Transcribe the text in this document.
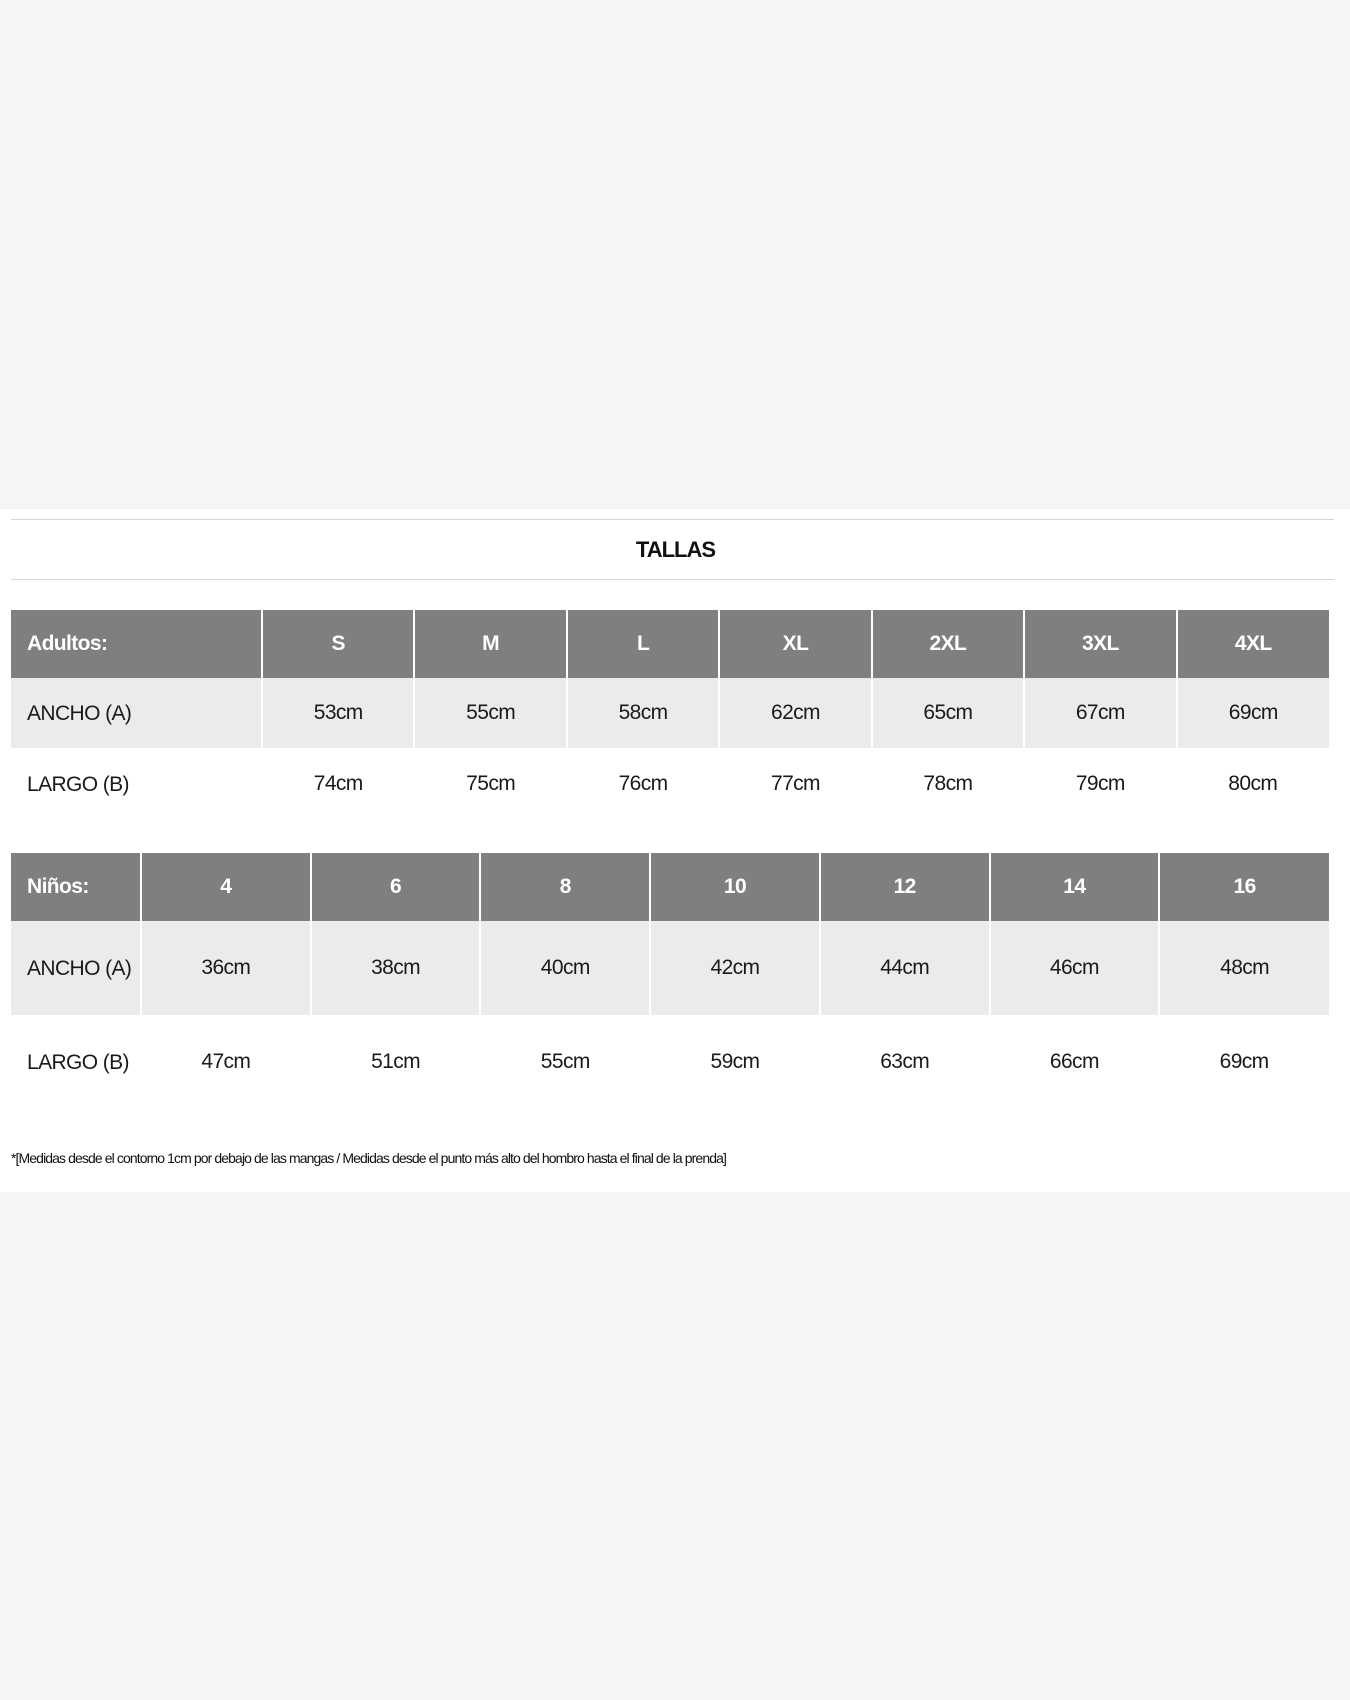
TALLAS
Adultos:	S	M	L	XL	2XL	3XL	4XL
ANCHO (A)	53cm	55cm	58cm	62cm	65cm	67cm	69cm
LARGO (B)	74cm	75cm	76cm	77cm	78cm	79cm	80cm
Niños:	4	6	8	10	12	14	16
ANCHO (A)	36cm	38cm	40cm	42cm	44cm	46cm	48cm
LARGO (B)	47cm	51cm	55cm	59cm	63cm	66cm	69cm
*[Medidas desde el contorno 1cm por debajo de las mangas / Medidas desde el punto más alto del hombro hasta el final de la prenda]
